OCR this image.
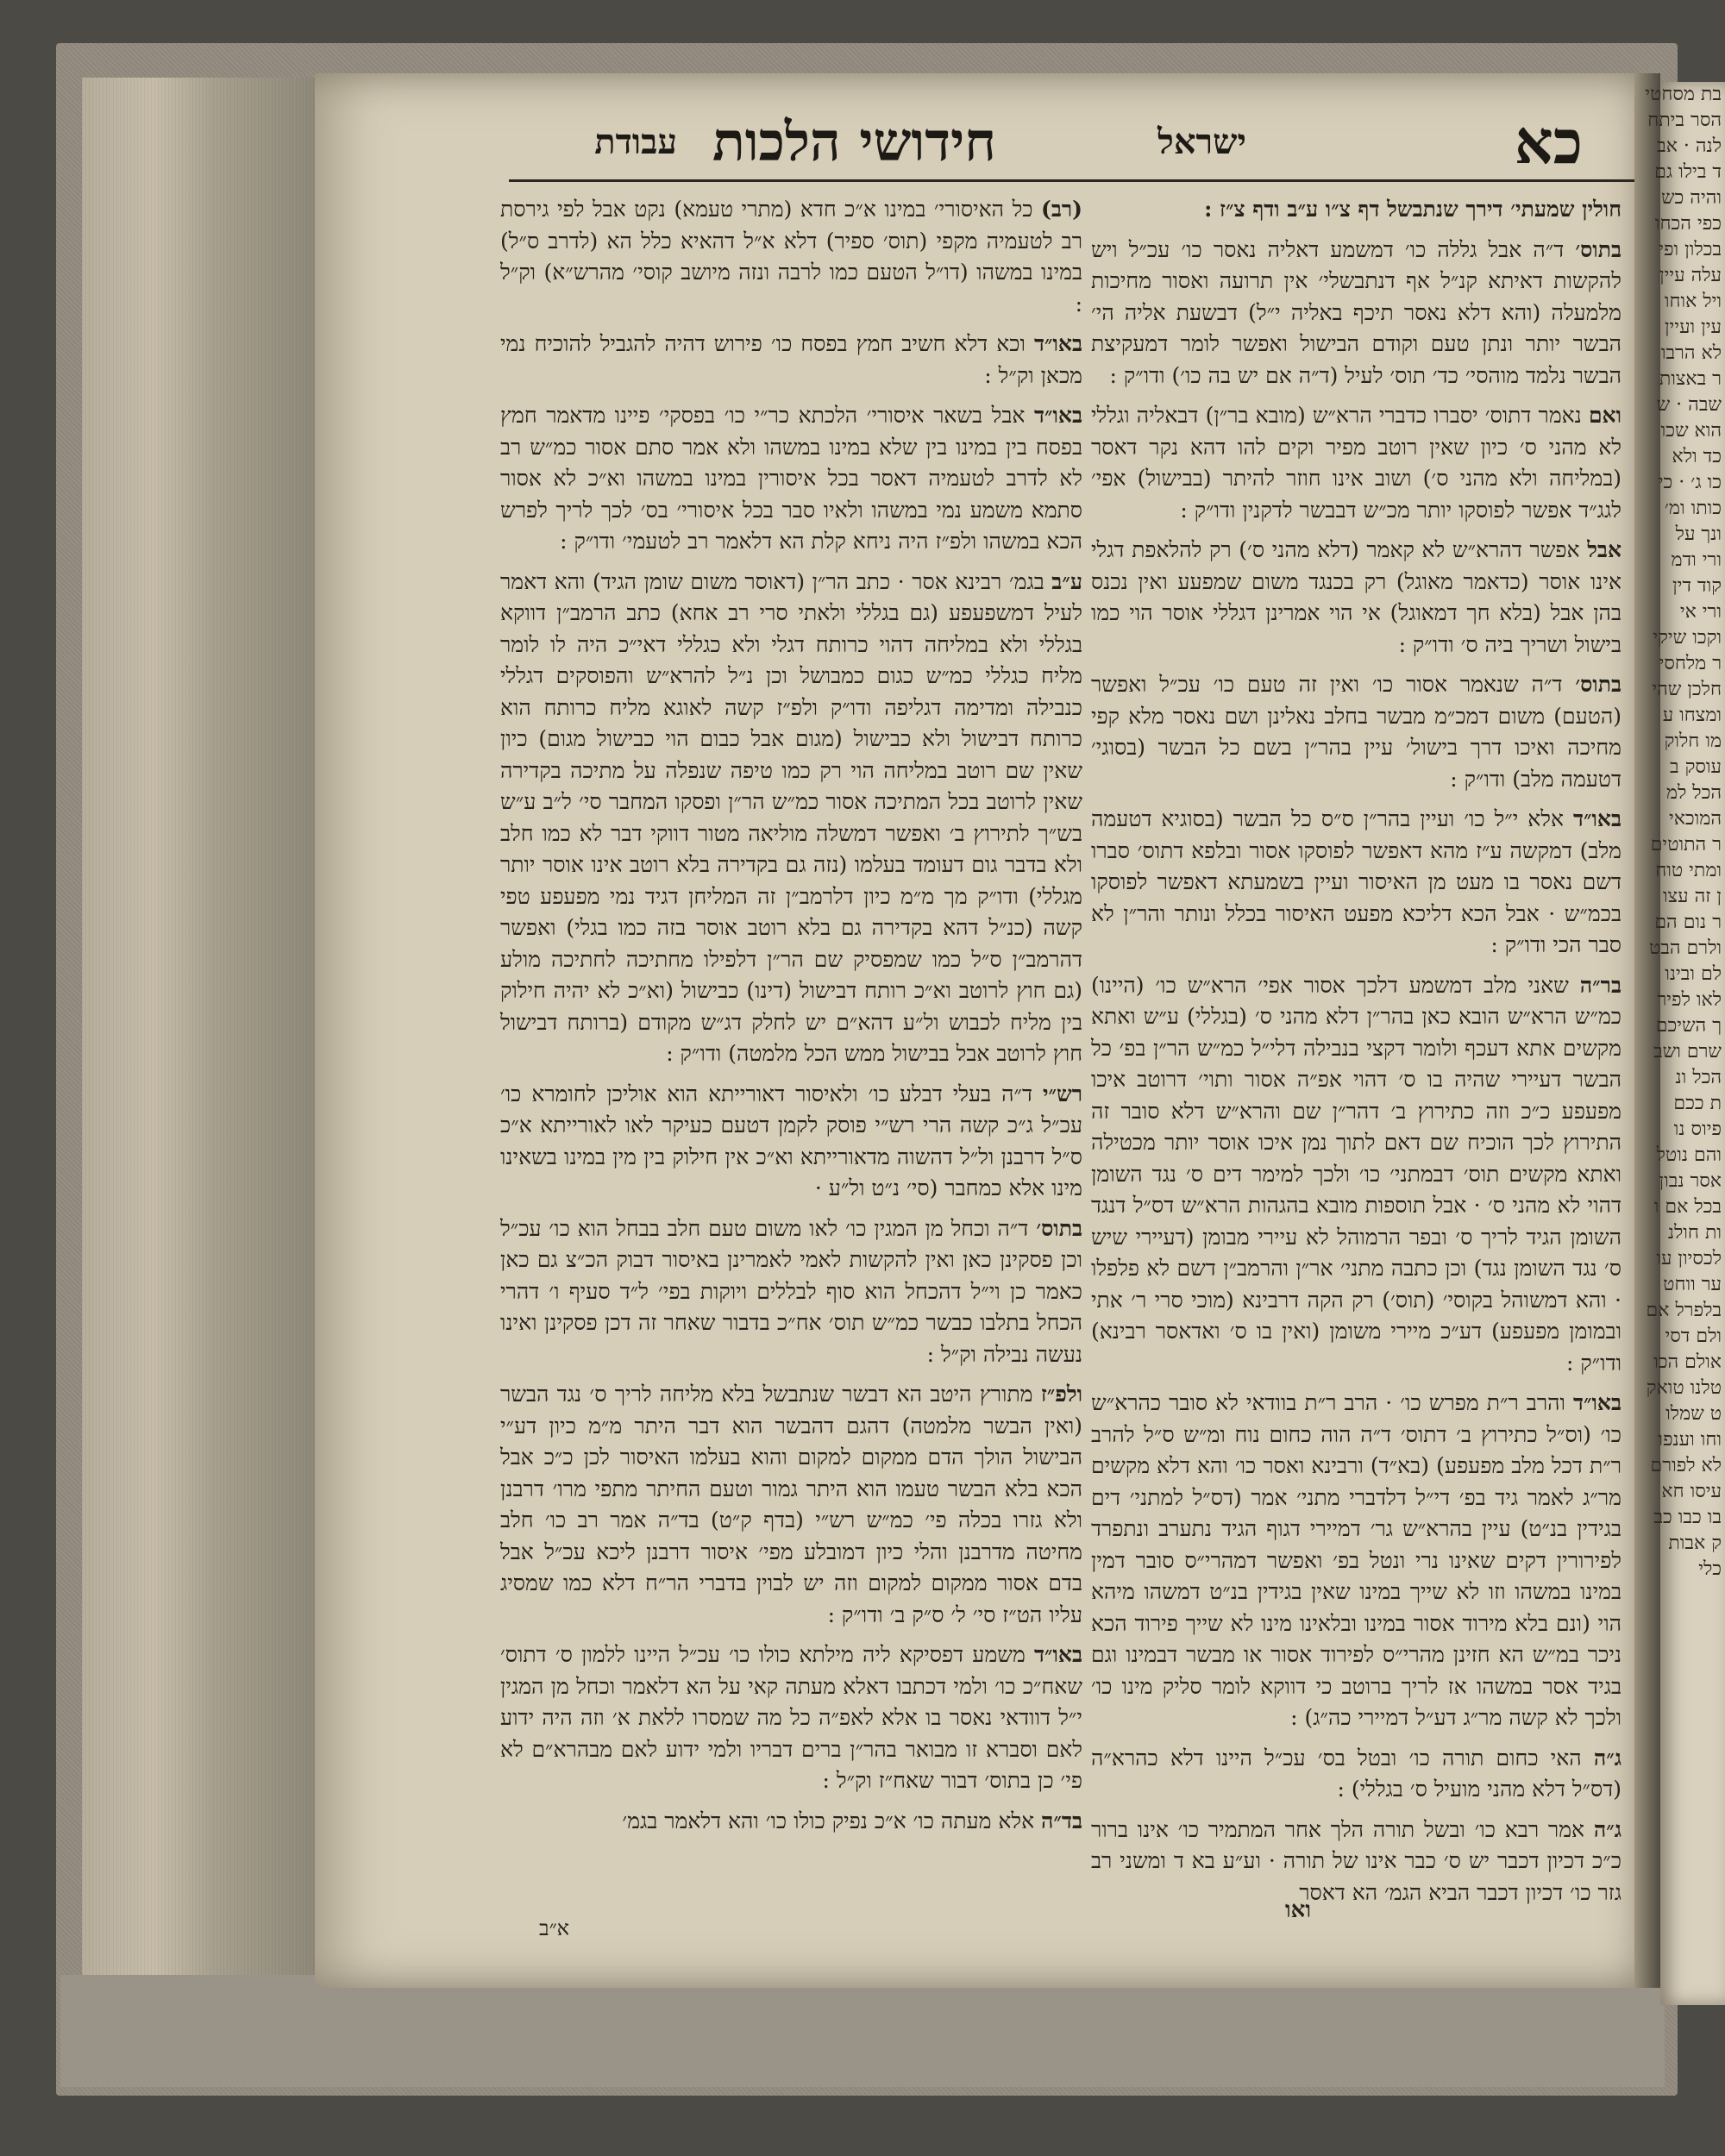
בת מסחטי
הסר ביתח
לנה · אב
ד בילו גם
והיה כש
כפי הכחו
בכלון ופי
עלה עיין
ויל אוחו
עין ועיין
לא הרבו
ר באצות
שבה · ש
הוא שכו
כד ולא
כו ג׳ · כי
כותו ומ׳
ונך על
ורי ודמ
קוד דין
ורי אי
וקכו שיקי
ר מלחסי
חלכן שהי
ומצחו ע
מו חלוק
עוסק ב
הכל למ
המוכאי
ר התוטים
ומתי טוח
ן זה עצו
ר נום הם
ולרם הבט
לם ובינו
לאו לפיר
ך השיכם
שרם ושב
הכל ונ
ת ככם
פיוס נו
והם נוטל
אסר נבון
בכל אם ו
ות חולנ
לכסיון עו
ער ווחט
בלפרל אם
ולם דסי
אולם הכו
טלנו טואק
ט שמלו
וחו וענפו
לא לפורם
עיסו חא
בו כבו כב
ק אבות
כלי
כא
ישראל
חידושי הלכות
עבודת

חולין שמעתי׳ דירך שנתבשל דף צ״ו ע״ב ודף צ״ז :

בתוס׳ ד״ה אבל גללה כו׳ דמשמע דאליה נאסר כו׳ עכ״ל ויש להקשות דאיתא קנ״ל אף דנתבשלי׳ אין תרועה ואסור מחיכות מלמעלה (והא דלא נאסר תיכף באליה י״ל) דבשעת אליה הי׳ הבשר יותר ונתן טעם וקודם הבישול ואפשר לומר דמעקיצת הבשר נלמד מוהסי׳ כד׳ תוס׳ לעיל (ד״ה אם יש בה כו׳) ודו״ק :

ואם נאמר דתוס׳ יסברו כדברי הרא״ש (מובא בר״ן) דבאליה וגללי לא מהני ס׳ כיון שאין רוטב מפיר וקים להו דהא נקר דאסר (במליחה ולא מהני ס׳) ושוב אינו חוזר להיתר (בבישול) אפי׳ לגג״ד אפשר לפוסקו יותר מכ״ש דבבשר לדקנין ודו״ק :

אבל אפשר דהרא״ש לא קאמר (דלא מהני ס׳) רק להלאפת דגלי אינו אוסר (כדאמר מאוגל) רק בכנגד משום שמפעע ואין נכנס בהן אבל (בלא חך דמאוגל) אי הוי אמרינן דגללי אוסר הוי כמו בישול ושריך ביה ס׳ ודו״ק :

בתוס׳ ד״ה שנאמר אסור כו׳ ואין זה טעם כו׳ עכ״ל ואפשר (הטעם) משום דמכ״מ מבשר בחלב נאלינן ושם נאסר מלא קפי מחיכה ואיכו דרך בישול׳ עיין בהר״ן בשם כל הבשר (בסוגי׳ דטעמה מלב) ודו״ק :

באו״ד אלא י״ל כו׳ ועיין בהר״ן ס״ס כל הבשר (בסוגיא דטעמה מלב) דמקשה ע״ז מהא דאפשר לפוסקו אסור ובלפא דתוס׳ סברו דשם נאסר בו מעט מן האיסור ועיין בשמעתא דאפשר לפוסקו בכמ״ש · אבל הכא דליכא מפעט האיסור בכלל ונותר והר״ן לא סבר הכי ודו״ק :

בר״ה שאני מלב דמשמע דלכך אסור אפי׳ הרא״ש כו׳ (היינו) כמ״ש הרא״ש הובא כאן בהר״ן דלא מהני ס׳ (בגללי) ע״ש ואתא מקשים אתא דעכף ולומר דקצי בנבילה דלי״ל כמ״ש הר״ן בפ׳ כל הבשר דעיירי שהיה בו ס׳ דהוי אפ״ה אסור ותוי׳ דרוטב איכו מפעפע כ״כ וזה כתירוץ ב׳ דהר״ן שם והרא״ש דלא סובר זה התירוץ לכך הוכיח שם דאם לתוך נמן איכו אוסר יותר מכטילה ואתא מקשים תוס׳ דבמתני׳ כו׳ ולכך למימר דים ס׳ נגד השומן דהוי לא מהני ס׳ · אבל תוספות מובא בהגהות הרא״ש דס״ל דנגד השומן הגיד לריך ס׳ ובפר הרמוהל לא עיירי מבומן (דעיירי שיש ס׳ נגד השומן נגד) וכן כתבה מתני׳ אר״ן והרמב״ן דשם לא פלפלו · והא דמשוהל בקוסי׳ (תוס׳) רק הקה דרבינא (מוכי סרי ר׳ אתי ובמומן מפעפע) דע״כ מיירי משומן (ואין בו ס׳ ואדאסר רבינא) ודו״ק :

באו״ד והרב ר״ת מפרש כו׳ · הרב ר״ת בוודאי לא סובר כהרא״ש כו׳ (וס״ל כתירוץ ב׳ דתוס׳ ד״ה הוה כחום נוח ומ״ש ס״ל להרב ר״ת דכל מלב מפעפע) (בא״ד) ורבינא ואסר כו׳ והא דלא מקשים מר״ג לאמר גיד בפ׳ די״ל דלדברי מתני׳ אמר (דס״ל למתני׳ דים בגידין בנ״ט) עיין בהרא״ש גר׳ דמיירי דגוף הגיד נתערב ונתפרד לפירורין דקים שאינו נרי ונטל בפ׳ ואפשר דמהרי״ס סובר דמין במינו במשהו וזו לא שייך במינו שאין בגידין בנ״ט דמשהו מיהא הוי (ונם בלא מירוד אסור במינו ובלאינו מינו לא שייך פירוד הכא ניכר במ״ש הא חזינן מהרי״ס לפירוד אסור או מבשר דבמינו וגם בגיד אסר במשהו אז לריך ברוטב כי דווקא לומר סליק מינו כו׳ ולכך לא קשה מר״ג דע״ל דמיירי כה״ג) :

ג״ה האי כחום תורה כו׳ ובטל בס׳ עכ״ל היינו דלא כהרא״ה (דס״ל דלא מהני מועיל ס׳ בגללי) :

ג״ה אמר רבא כו׳ ובשל תורה הלך אחר המתמיר כו׳ אינו ברור כ״כ דכיון דכבר יש ס׳ כבר אינו של תורה · וע״ע בא ד ומשני רב גזר כו׳ דכיון דכבר הביא הגמ׳ הא דאסר

(רב) כל האיסורי׳ במינו א״כ חדא (מתרי טעמא) נקט אבל לפי גירסת רב לטעמיה מקפי (תוס׳ ספיר) דלא א״ל דהאיא כלל הא (לדרב ס״ל) במינו במשהו (דו״ל הטעם כמו לרבה ונזה מיושב קוסי׳ מהרש״א) וק״ל :

באו״ד וכא דלא חשיב חמץ בפסח כו׳ פירוש דהיה להגביל להוכיח נמי מכאן וק״ל :

באו״ד אבל בשאר איסורי׳ הלכתא כר״י כו׳ בפסקי׳ פיינו מדאמר חמץ בפסח בין במינו בין שלא במינו במשהו ולא אמר סתם אסור כמ״ש רב לא לדרב לטעמיה דאסר בכל איסורין במינו במשהו וא״כ לא אסור סתמא משמע נמי במשהו ולאיו סבר בכל איסורי׳ בס׳ לכך לריך לפרש הכא במשהו ולפ״ז היה ניחא קלת הא דלאמר רב לטעמי׳ ודו״ק :

ע״ב בגמ׳ רבינא אסר · כתב הר״ן (דאוסר משום שומן הגיד) והא דאמר לעיל דמשפעפע (גם בגללי ולאתי סרי רב אחא) כתב הרמב״ן דווקא בגללי ולא במליחה דהוי כרותח דגלי ולא כגללי דאי״כ היה לו לומר מליח כגללי כמ״ש כגום כמבושל וכן נ״ל להרא״ש והפוסקים דגללי כנבילה ומדימה דגליפה ודו״ק ולפ״ז קשה לאוגא מליח כרותח הוא כרותח דבישול ולא כבישול (מגום אבל כבום הוי כבישול מגום) כיון שאין שם רוטב במליחה הוי רק כמו טיפה שנפלה על מתיכה בקדירה שאין לרוטב בכל המתיכה אסור כמ״ש הר״ן ופסקו המחבר סי׳ ל״ב ע״ש בש״ך לתירוץ ב׳ ואפשר דמשלה מוליאה מטור דווקי דבר לא כמו חלב ולא בדבר גום דעומד בעלמו (נזה גם בקדירה בלא רוטב אינו אוסר יותר מגללי) ודו״ק מך מ״מ כיון דלרמב״ן זה המליחן דגיד נמי מפעפע טפי קשה (כנ״ל דהא בקדירה גם בלא רוטב אוסר בזה כמו בגלי) ואפשר דהרמב״ן ס״ל כמו שמפסיק שם הר״ן דלפילו מחתיכה לחתיכה מולע (גם חוץ לרוטב וא״כ רותח דבישול (דינו) כבישול (וא״כ לא יהיה חילוק בין מליח לכבוש ול״ע דהא״ם יש לחלק דג״ש מקודם (ברותח דבישול חוץ לרוטב אבל בבישול ממש הכל מלמטה) ודו״ק :

רש״י ד״ה בעלי דבלע כו׳ ולאיסור דאורייתא הוא אוליכן לחומרא כו׳ עכ״ל ג״כ קשה הרי רש״י פוסק לקמן דטעם כעיקר לאו לאורייתא א״כ ס״ל דרבנן ול״ל דהשוה מדאורייתא וא״כ אין חילוק בין מין במינו בשאינו מינו אלא כמחבר (סי׳ נ״ט ול״ע ·

בתוס׳ ד״ה וכחל מן המגין כו׳ לאו משום טעם חלב בבחל הוא כו׳ עכ״ל וכן פסקינן כאן ואין להקשות לאמי לאמרינן באיסור דבוק הכ״צ גם כאן כאמר כן וי״ל דהכחל הוא סוף לבללים ויוקות בפי׳ ל״ד סעיף ו׳ דהרי הכחל בתלבו כבשר כמ״ש תוס׳ אח״כ בדבור שאחר זה דכן פסקינן ואינו נעשה נבילה וק״ל :

ולפ״ז מתורץ היטב הא דבשר שנתבשל בלא מליחה לריך ס׳ נגד הבשר (ואין הבשר מלמטה) דהגם דהבשר הוא דבר היתר מ״מ כיון דע״י הבישול הולך הדם ממקום למקום והוא בעלמו האיסור לכן כ״כ אבל הכא בלא הבשר טעמו הוא היתר גמור וטעם החיתר מתפי מרו׳ דרבנן ולא גזרו בכלה פי׳ כמ״ש רש״י (בדף ק״ט) בד״ה אמר רב כו׳ חלב מחיטה מדרבנן והלי כיון דמובלע מפי׳ איסור דרבנן ליכא עכ״ל אבל בדם אסור ממקום למקום וזה יש לבוין בדברי הר״ח דלא כמו שמסיג עליו הט״ז סי׳ ל׳ ס״ק ב׳ ודו״ק :

באו״ד משמע דפסיקא ליה מילתא כולו כו׳ עכ״ל היינו ללמון ס׳ דתוס׳ שאח״כ כו׳ ולמי דכתבו דאלא מעתה קאי על הא דלאמר וכחל מן המגין י״ל דוודאי נאסר בו אלא לאפ״ה כל מה שמסרו ללאת א׳ וזה היה ידוע לאם וסברא זו מבואר בהר״ן ברים דבריו ולמי ידוע לאם מבהרא״ם לא פי׳ כן בתוס׳ דבור שאח״ז וק״ל :

בד״ה אלא מעתה כו׳ א״כ נפיק כולו כו׳ והא דלאמר בגמ׳

א״ב
ואו
